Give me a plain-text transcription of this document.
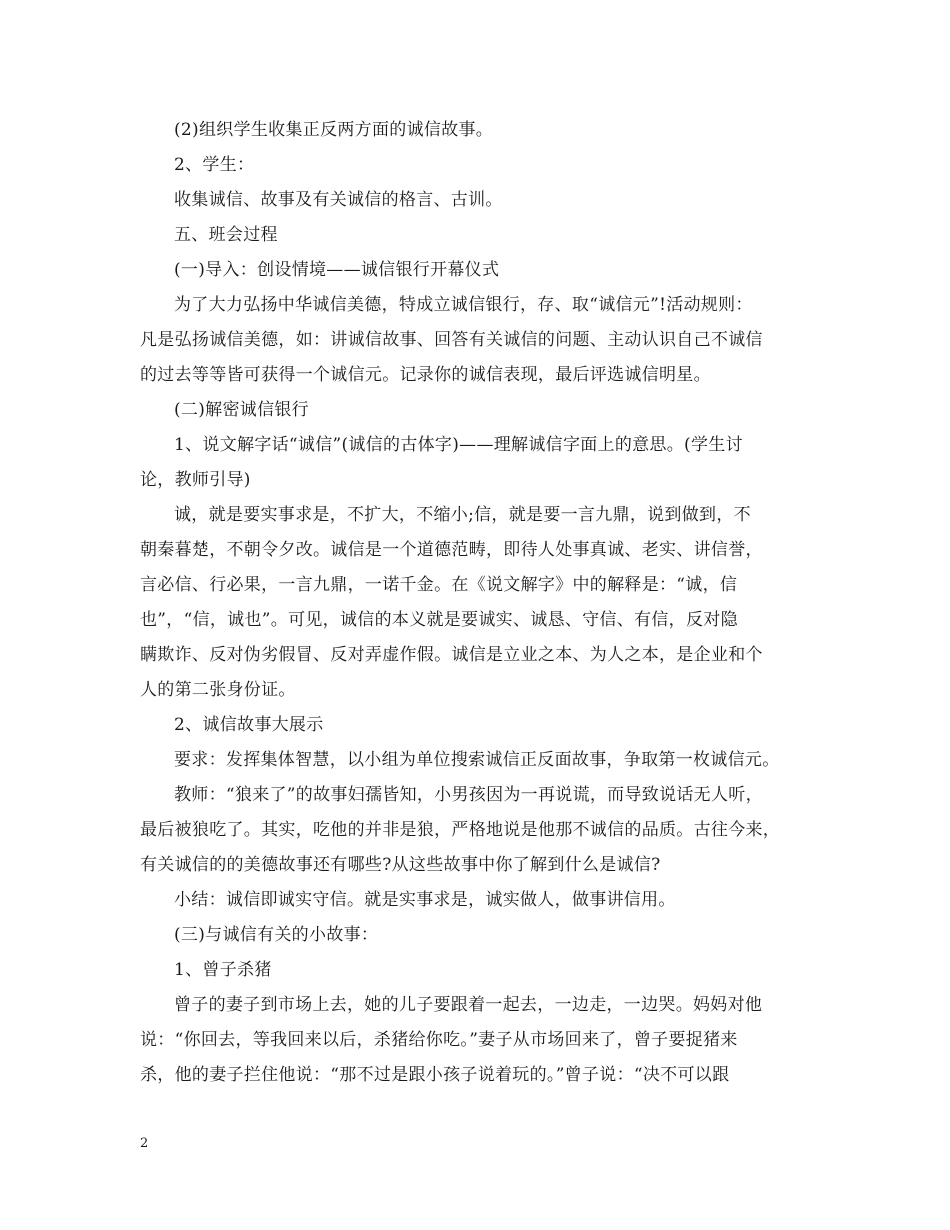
(2)组织学生收集正反两方面的诚信故事。

2、学生：

收集诚信、故事及有关诚信的格言、古训。

五、班会过程

(一)导入：创设情境——诚信银行开幕仪式

为了大力弘扬中华诚信美德，特成立诚信银行，存、取“诚信元”!活动规则：
凡是弘扬诚信美德，如：讲诚信故事、回答有关诚信的问题、主动认识自己不诚信
的过去等等皆可获得一个诚信元。记录你的诚信表现，最后评选诚信明星。

(二)解密诚信银行

1、说文解字话“诚信”(诚信的古体字)——理解诚信字面上的意思。(学生讨
论，教师引导)

诚，就是要实事求是，不扩大，不缩小;信，就是要一言九鼎，说到做到，不
朝秦暮楚，不朝令夕改。诚信是一个道德范畴，即待人处事真诚、老实、讲信誉，
言必信、行必果，一言九鼎，一诺千金。在《说文解字》中的解释是：“诚，信
也”，“信，诚也”。可见，诚信的本义就是要诚实、诚恳、守信、有信，反对隐
瞒欺诈、反对伪劣假冒、反对弄虚作假。诚信是立业之本、为人之本，是企业和个
人的第二张身份证。

2、诚信故事大展示

要求：发挥集体智慧，以小组为单位搜索诚信正反面故事，争取第一枚诚信元。

教师：“狼来了”的故事妇孺皆知，小男孩因为一再说谎，而导致说话无人听，
最后被狼吃了。其实，吃他的并非是狼，严格地说是他那不诚信的品质。古往今来，
有关诚信的的美德故事还有哪些?从这些故事中你了解到什么是诚信?

小结：诚信即诚实守信。就是实事求是，诚实做人，做事讲信用。

(三)与诚信有关的小故事：

1、曾子杀猪

曾子的妻子到市场上去，她的儿子要跟着一起去，一边走，一边哭。妈妈对他
说：“你回去，等我回来以后，杀猪给你吃。”妻子从市场回来了，曾子要捉猪来
杀，他的妻子拦住他说：“那不过是跟小孩子说着玩的。”曾子说：“决不可以跟

2
